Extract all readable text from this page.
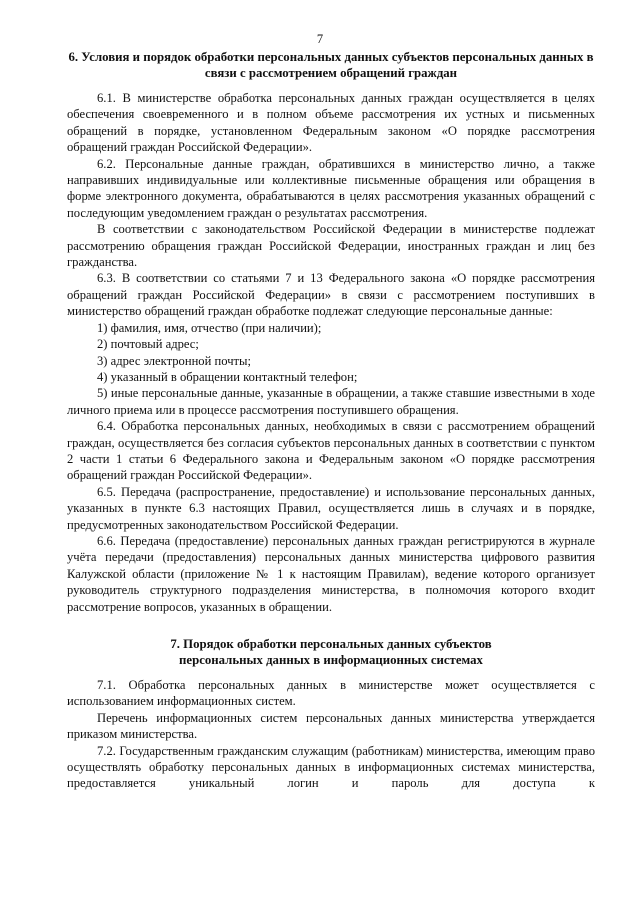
7
6. Условия и порядок обработки персональных данных субъектов персональных данных в связи с рассмотрением обращений граждан

6.1. В министерстве обработка персональных данных граждан осуществляется в целях обеспечения своевременного и в полном объеме рассмотрения их устных и письменных обращений в порядке, установленном Федеральным законом «О порядке рассмотрения обращений граждан Российской Федерации».

6.2. Персональные данные граждан, обратившихся в министерство лично, а также направивших индивидуальные или коллективные письменные обращения или обращения в форме электронного документа, обрабатываются в целях рассмотрения указанных обращений с последующим уведомлением граждан о результатах рассмотрения.

В соответствии с законодательством Российской Федерации в министерстве подлежат рассмотрению обращения граждан Российской Федерации, иностранных граждан и лиц без гражданства.

6.3. В соответствии со статьями 7 и 13 Федерального закона «О порядке рассмотрения обращений граждан Российской Федерации» в связи с рассмотрением поступивших в министерство обращений граждан обработке подлежат следующие персональные данные:

1) фамилия, имя, отчество (при наличии);

2) почтовый адрес;

3) адрес электронной почты;

4) указанный в обращении контактный телефон;

5) иные персональные данные, указанные в обращении, а также ставшие известными в ходе личного приема или в процессе рассмотрения поступившего обращения.

6.4. Обработка персональных данных, необходимых в связи с рассмотрением обращений граждан, осуществляется без согласия субъектов персональных данных в соответствии с пунктом 2 части 1 статьи 6 Федерального закона и Федеральным законом «О порядке рассмотрения обращений граждан Российской Федерации».

6.5. Передача (распространение, предоставление) и использование персональных данных, указанных в пункте 6.3 настоящих Правил, осуществляется лишь в случаях и в порядке, предусмотренных законодательством Российской Федерации.

6.6. Передача (предоставление) персональных данных граждан регистрируются в журнале учёта передачи (предоставления) персональных данных министерства цифрового развития Калужской области (приложение № 1 к настоящим Правилам), ведение которого организует руководитель структурного подразделения министерства, в полномочия которого входит рассмотрение вопросов, указанных в обращении.

7. Порядок обработки персональных данных субъектов
персональных данных в информационных системах

7.1. Обработка персональных данных в министерстве может осуществляется с использованием информационных систем.

Перечень информационных систем персональных данных министерства утверждается приказом министерства.

7.2. Государственным гражданским служащим (работникам) министерства, имеющим право осуществлять обработку персональных данных в информационных системах министерства, предоставляется уникальный логин и пароль для доступа к
